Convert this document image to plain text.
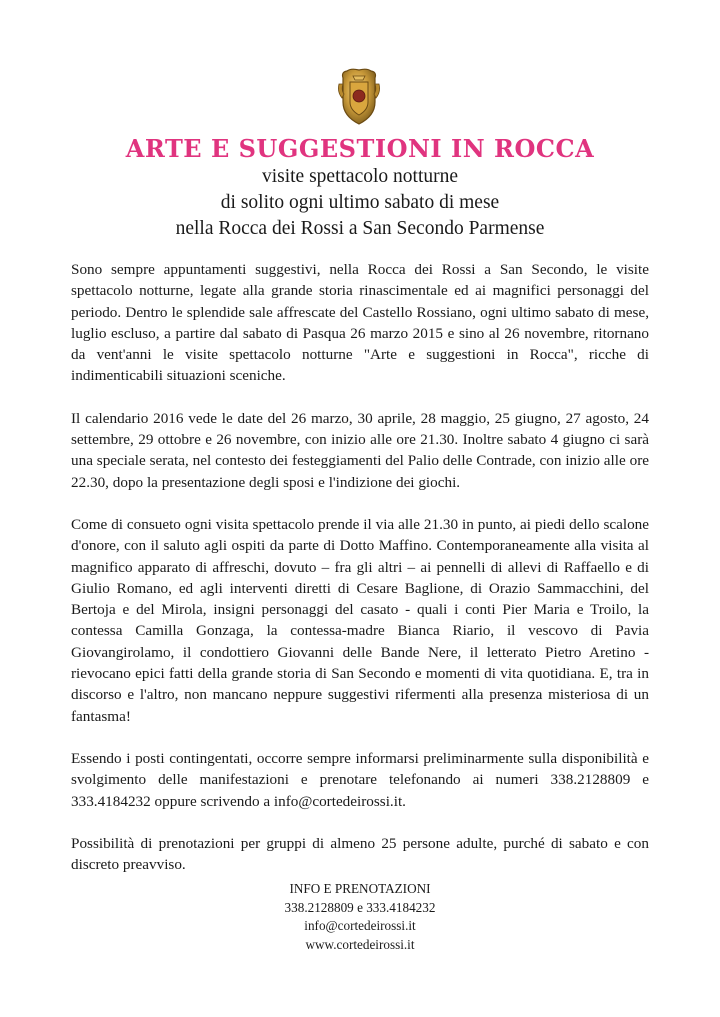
ARTE E SUGGESTIONI IN ROCCA
visite spettacolo notturne
di solito ogni ultimo sabato di mese
nella Rocca dei Rossi a San Secondo Parmense

Sono sempre appuntamenti suggestivi, nella Rocca dei Rossi a San Secondo, le visite spettacolo notturne, legate alla grande storia rinascimentale ed ai magnifici personaggi del periodo. Dentro le splendide sale affrescate del Castello Rossiano, ogni ultimo sabato di mese, luglio escluso, a partire dal sabato di Pasqua 26 marzo 2015 e sino al 26 novembre, ritornano da vent'anni le visite spettacolo notturne "Arte e suggestioni in Rocca", ricche di indimenticabili situazioni sceniche.

Il calendario 2016 vede le date del 26 marzo, 30 aprile, 28 maggio, 25 giugno, 27 agosto, 24 settembre, 29 ottobre e 26 novembre, con inizio alle ore 21.30. Inoltre sabato 4 giugno ci sarà una speciale serata, nel contesto dei festeggiamenti del Palio delle Contrade, con inizio alle ore 22.30, dopo la presentazione degli sposi e l'indizione dei giochi.

Come di consueto ogni visita spettacolo prende il via alle 21.30 in punto, ai piedi dello scalone d'onore, con il saluto agli ospiti da parte di Dotto Maffino. Contemporaneamente alla visita al magnifico apparato di affreschi, dovuto – fra gli altri – ai pennelli di allevi di Raffaello e di Giulio Romano, ed agli interventi diretti di Cesare Baglione, di Orazio Sammacchini, del Bertoja e del Mirola, insigni personaggi del casato - quali i conti Pier Maria e Troilo, la contessa Camilla Gonzaga, la contessa-madre Bianca Riario, il vescovo di Pavia Giovangirolamo, il condottiero Giovanni delle Bande Nere, il letterato Pietro Aretino - rievocano epici fatti della grande storia di San Secondo e momenti di vita quotidiana. E, tra in discorso e l'altro, non mancano neppure suggestivi rifermenti alla presenza misteriosa di un fantasma!

Essendo i posti contingentati, occorre sempre informarsi preliminarmente sulla disponibilità e svolgimento delle manifestazioni e prenotare telefonando ai numeri 338.2128809 e 333.4184232 oppure scrivendo a info@cortedeirossi.it.

Possibilità di prenotazioni per gruppi di almeno 25 persone adulte, purché di sabato e con discreto preavviso.

INFO E PRENOTAZIONI
338.2128809 e 333.4184232
info@cortedeirossi.it
www.cortedeirossi.it
